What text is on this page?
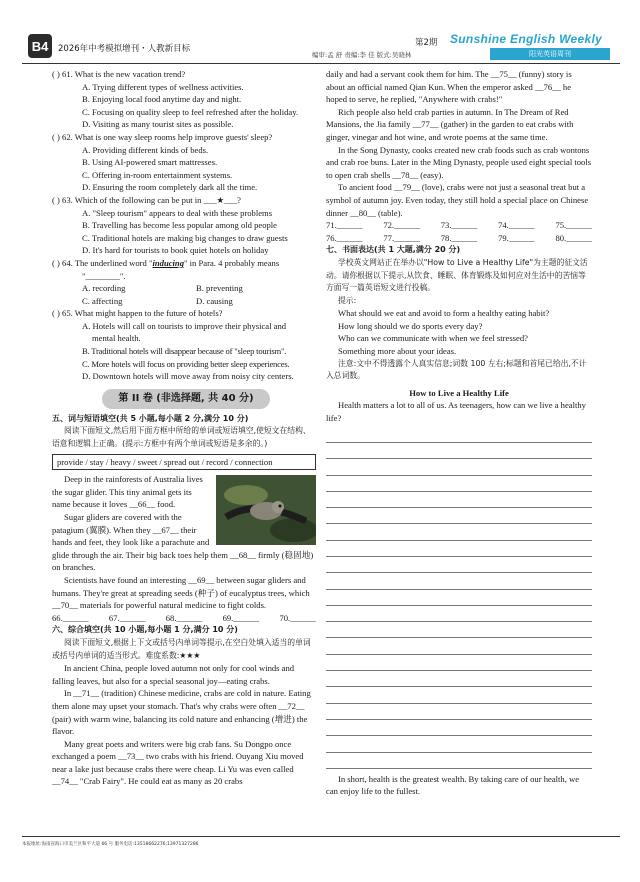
B4	2026年中考模拟增刊・人教新目标
第2期 Sunshine English Weekly
编审:孟 舒 责编:李 佳 版式:吴晓林	阳光英语周刊

( ) 61. What is the new vacation trend?

A. Trying different types of wellness activities.

B. Enjoying local food anytime day and night.

C. Focusing on quality sleep to feel refreshed after the holiday.

D. Visiting as many tourist sites as possible.

( ) 62. What is one way sleep rooms help improve guests' sleep?

A. Providing different kinds of beds.

B. Using AI-powered smart mattresses.

C. Offering in-room entertainment systems.

D. Ensuring the room completely dark all the time.

( ) 63. Which of the following can be put in ___★___?

A. "Sleep tourism" appears to deal with these problems

B. Travelling has become less popular among old people

C. Traditional hotels are making big changes to draw guests

D. It's hard for tourists to book quiet hotels on holiday

( ) 64. The underlined word "inducing" in Para. 4 probably means

"________".

A. recording	B. preventing
C. affecting	D. causing

( ) 65. What might happen to the future of hotels?

A. Hotels will call on tourists to improve their physical and

mental health.

B. Traditional hotels will disappear because of "sleep tourism".

C. More hotels will focus on providing better sleep experiences.

D. Downtown hotels will move away from noisy city centers.

第 II 卷 (非选择题, 共 40 分)

五、词与短语填空(共 5 小题,每小题 2 分,满分 10 分)

阅读下面短文,然后用下面方框中所给的单词或短语填空,使短文在结构、语意和逻辑上正确。(提示:方框中有两个单词或短语是多余的。)

provide / stay / heavy / sweet / spread out / record / connection

Deep in the rainforests of Australia lives the sugar glider. This tiny animal gets its name because it loves __66__ food.

Sugar gliders are covered with the patagium (翼膜). When they __67__ their hands and feet, they look like a parachute and glide through the air. Their big back toes help them __68__ firmly (稳固地) on branches.

Scientists have found an interesting __69__ between sugar gliders and humans. They're great at spreading seeds (种子) of eucalyptus trees, which __70__ materials for powerful natural medicine to fight colds.

66.______ 67.______ 68.______ 69.______ 70.______

六、综合填空(共 10 小题,每小题 1 分,满分 10 分)

阅读下面短文,根据上下文或括号内单词等提示,在空白处填入适当的单词或括号内单词的适当形式。难度系数:★★★

In ancient China, people loved autumn not only for cool winds and falling leaves, but also for a special seasonal joy—eating crabs.

In __71__ (tradition) Chinese medicine, crabs are cold in nature. Eating them alone may upset your stomach. That's why crabs were often __72__ (pair) with warm wine, balancing its cold nature and enhancing (增进) the flavor.

Many great poets and writers were big crab fans. Su Dongpo once exchanged a poem __73__ two crabs with his friend. Ouyang Xiu moved near a lake just because crabs there were cheap. Li Yu was even called __74__ "Crab Fairy". He could eat as many as 20 crabs

daily and had a servant cook them for him. The __75__ (funny) story is about an official named Qian Kun. When the emperor asked __76__ he hoped to serve, he replied, "Anywhere with crabs!"

Rich people also held crab parties in autumn. In The Dream of Red Mansions, the Jia family __77__ (gather) in the garden to eat crabs with ginger, vinegar and hot wine, and wrote poems at the same time.

In the Song Dynasty, cooks created new crab foods such as crab wontons and crab roe buns. Later in the Ming Dynasty, people used eight special tools to open crab shells __78__ (easy).

To ancient food __79__ (love), crabs were not just a seasonal treat but a symbol of autumn joy. Even today, they still hold a special place on Chinese dinner __80__ (table).

71.______ 72.______ 73.______ 74.______ 75.______
76.______ 77.______ 78.______ 79.______ 80.______

七、书面表达(共 1 大题,满分 20 分)

学校英文网站正在举办以"How to Live a Healthy Life"为主题的征文活动。请你根据以下提示,从饮食、睡眠、体育锻炼及如何应对生活中的苦恼等方面写一篇英语短文进行投稿。

提示:

What should we eat and avoid to form a healthy eating habit?

How long should we do sports every day?

Who can we communicate with when we feel stressed?

Something more about your ideas.

注意:文中不得透露个人真实信息;词数 100 左右;标题和首尾已给出,不计入总词数。

How to Live a Healthy Life

Health matters a lot to all of us. As teenagers, how can we live a healthy life?

In short, health is the greatest wealth. By taking care of our health, we can enjoy life to the fullest.

本报地址:海南省海口市美兰区和平大道 66 号 服务电话:13518662276;13971327286
